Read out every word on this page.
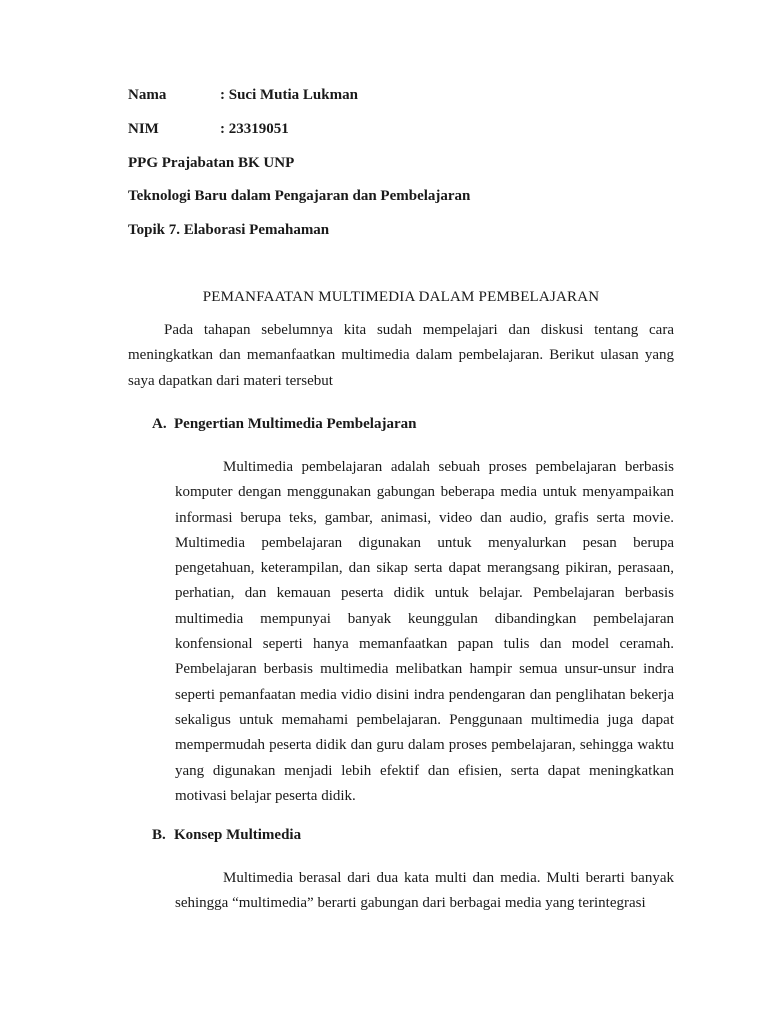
Nama	: Suci Mutia Lukman
NIM	: 23319051
PPG Prajabatan BK UNP
Teknologi Baru dalam Pengajaran dan Pembelajaran
Topik 7. Elaborasi Pemahaman
PEMANFAATAN MULTIMEDIA DALAM PEMBELAJARAN

Pada tahapan sebelumnya kita sudah mempelajari dan diskusi tentang cara meningkatkan dan memanfaatkan multimedia dalam pembelajaran. Berikut ulasan yang saya dapatkan dari materi tersebut

A. Pengertian Multimedia Pembelajaran

Multimedia pembelajaran adalah sebuah proses pembelajaran berbasis komputer dengan menggunakan gabungan beberapa media untuk menyampaikan informasi berupa teks, gambar, animasi, video dan audio, grafis serta movie. Multimedia pembelajaran digunakan untuk menyalurkan pesan berupa pengetahuan, keterampilan, dan sikap serta dapat merangsang pikiran, perasaan, perhatian, dan kemauan peserta didik untuk belajar. Pembelajaran berbasis multimedia mempunyai banyak keunggulan dibandingkan pembelajaran konfensional seperti hanya memanfaatkan papan tulis dan model ceramah. Pembelajaran berbasis multimedia melibatkan hampir semua unsur-unsur indra seperti pemanfaatan media vidio disini indra pendengaran dan penglihatan bekerja sekaligus untuk memahami pembelajaran. Penggunaan multimedia juga dapat mempermudah peserta didik dan guru dalam proses pembelajaran, sehingga waktu yang digunakan menjadi lebih efektif dan efisien, serta dapat meningkatkan motivasi belajar peserta didik.

B. Konsep Multimedia

Multimedia berasal dari dua kata multi dan media. Multi berarti banyak sehingga “multimedia” berarti gabungan dari berbagai media yang terintegrasi
